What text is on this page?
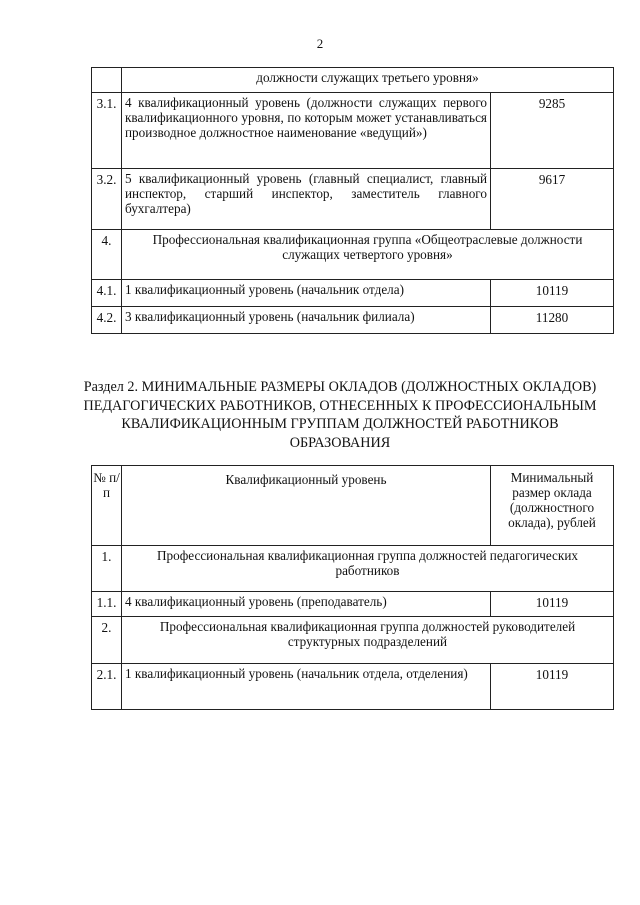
2
	должности служащих третьего уровня»	
3.1.	4 квалификационный уровень (должности служащих первого квалификационного уровня, по которым может устанавливаться производное должностное наименование «ведущий»)	9285
3.2.	5 квалификационный уровень (главный специалист, главный инспектор, старший инспектор, заместитель главного бухгалтера)	9617
4.	Профессиональная квалификационная группа «Общеотраслевые должности служащих четвертого уровня»	
4.1.	1 квалификационный уровень (начальник отдела)	10119
4.2.	3 квалификационный уровень (начальник филиала)	11280
Раздел 2. МИНИМАЛЬНЫЕ РАЗМЕРЫ ОКЛАДОВ (ДОЛЖНОСТНЫХ ОКЛАДОВ) ПЕДАГОГИЧЕСКИХ РАБОТНИКОВ, ОТНЕСЕННЫХ К ПРОФЕССИОНАЛЬНЫМ КВАЛИФИКАЦИОННЫМ ГРУППАМ ДОЛЖНОСТЕЙ РАБОТНИКОВ ОБРАЗОВАНИЯ
№ п/п	Квалификационный уровень	Минимальный размер оклада (должностного оклада), рублей
1.	Профессиональная квалификационная группа должностей педагогических работников	
1.1.	4 квалификационный уровень (преподаватель)	10119
2.	Профессиональная квалификационная группа должностей руководителей структурных подразделений	
2.1.	1 квалификационный уровень (начальник отдела, отделения)	10119
